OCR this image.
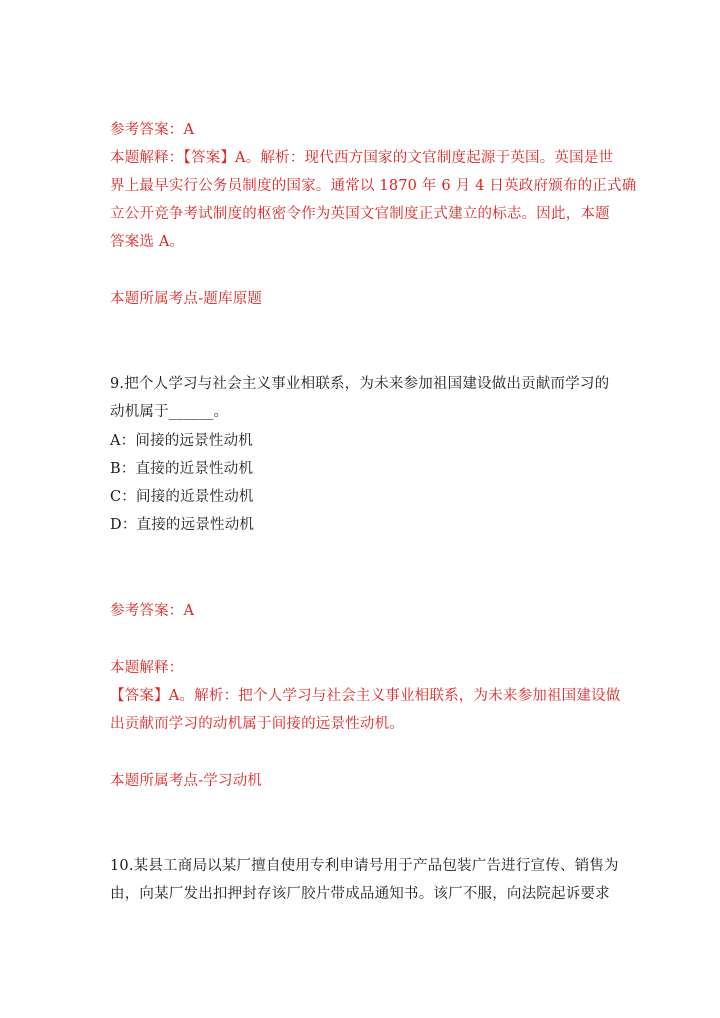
参考答案：A
本题解释：【答案】A。解析：现代西方国家的文官制度起源于英国。英国是世
界上最早实行公务员制度的国家。通常以 1870 年 6 月 4 日英政府颁布的正式确
立公开竞争考试制度的枢密令作为英国文官制度正式建立的标志。因此，本题
答案选 A。
本题所属考点-题库原题
9.把个人学习与社会主义事业相联系，为未来参加祖国建设做出贡献而学习的
动机属于______。
A：间接的远景性动机
B：直接的近景性动机
C：间接的近景性动机
D：直接的远景性动机
参考答案：A
本题解释：
【答案】A。解析：把个人学习与社会主义事业相联系，为未来参加祖国建设做
出贡献而学习的动机属于间接的远景性动机。
本题所属考点-学习动机
10.某县工商局以某厂擅自使用专利申请号用于产品包装广告进行宣传、销售为
由，向某厂发出扣押封存该厂胶片带成品通知书。该厂不服，向法院起诉要求
